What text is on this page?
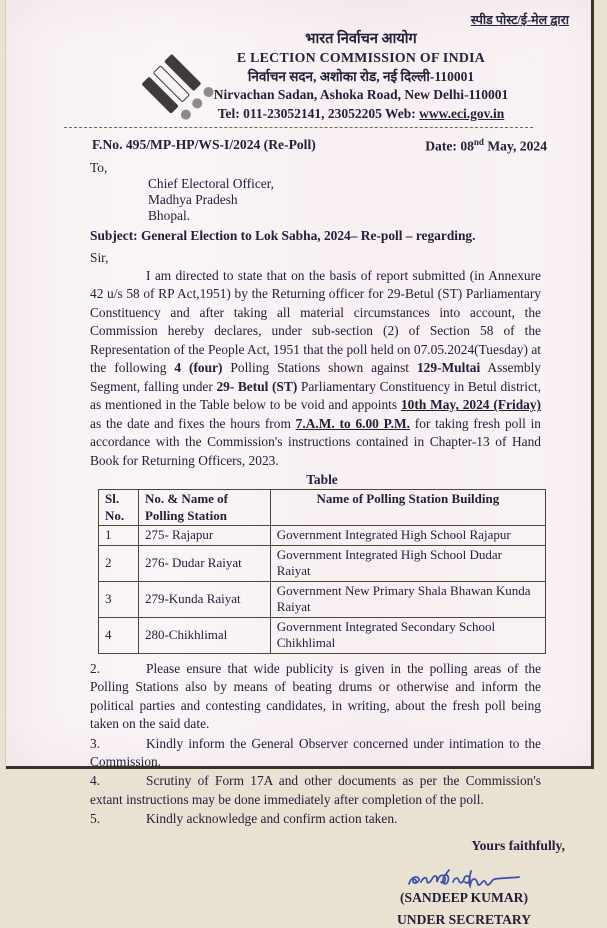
स्पीड पोस्ट/ई-मेल द्वारा
भारत निर्वाचन आयोग
E LECTION COMMISSION OF INDIA
निर्वाचन सदन, अशोका रोड, नई दिल्ली-110001
Nirvachan Sadan, Ashoka Road, New Delhi-110001
Tel: 011-23052141, 23052205 Web: www.eci.gov.in
F.No. 495/MP-HP/WS-I/2024 (Re-Poll)	Date: 08nd May, 2024
To,
Chief Electoral Officer,
Madhya Pradesh
Bhopal.
Subject: General Election to Lok Sabha, 2024– Re-poll – regarding.
Sir,

I am directed to state that on the basis of report submitted (in Annexure 42 u/s 58 of RP Act,1951) by the Returning officer for 29-Betul (ST) Parliamentary Constituency and after taking all material circumstances into account, the Commission hereby declares, under sub-section (2) of Section 58 of the Representation of the People Act, 1951 that the poll held on 07.05.2024(Tuesday) at the following 4 (four) Polling Stations shown against 129-Multai Assembly Segment, falling under 29- Betul (ST) Parliamentary Constituency in Betul district, as mentioned in the Table below to be void and appoints 10th May, 2024 (Friday) as the date and fixes the hours from 7.A.M. to 6.00 P.M. for taking fresh poll in accordance with the Commission's instructions contained in Chapter-13 of Hand Book for Returning Officers, 2023.

Table
Sl. No.	No. & Name of Polling Station	Name of Polling Station Building
1	275- Rajapur	Government Integrated High School Rajapur
2	276- Dudar Raiyat	Government Integrated High School Dudar Raiyat
3	279-Kunda Raiyat	Government New Primary Shala Bhawan Kunda Raiyat
4	280-Chikhlimal	Government Integrated Secondary School Chikhlimal

2.	Please ensure that wide publicity is given in the polling areas of the Polling Stations also by means of beating drums or otherwise and inform the political parties and contesting candidates, in writing, about the fresh poll being taken on the said date.

3.	Kindly inform the General Observer concerned under intimation to the Commission.

4.	Scrutiny of Form 17A and other documents as per the Commission's extant instructions may be done immediately after completion of the poll.

5.	Kindly acknowledge and confirm action taken.

Yours faithfully,
(SANDEEP KUMAR)
UNDER SECRETARY
